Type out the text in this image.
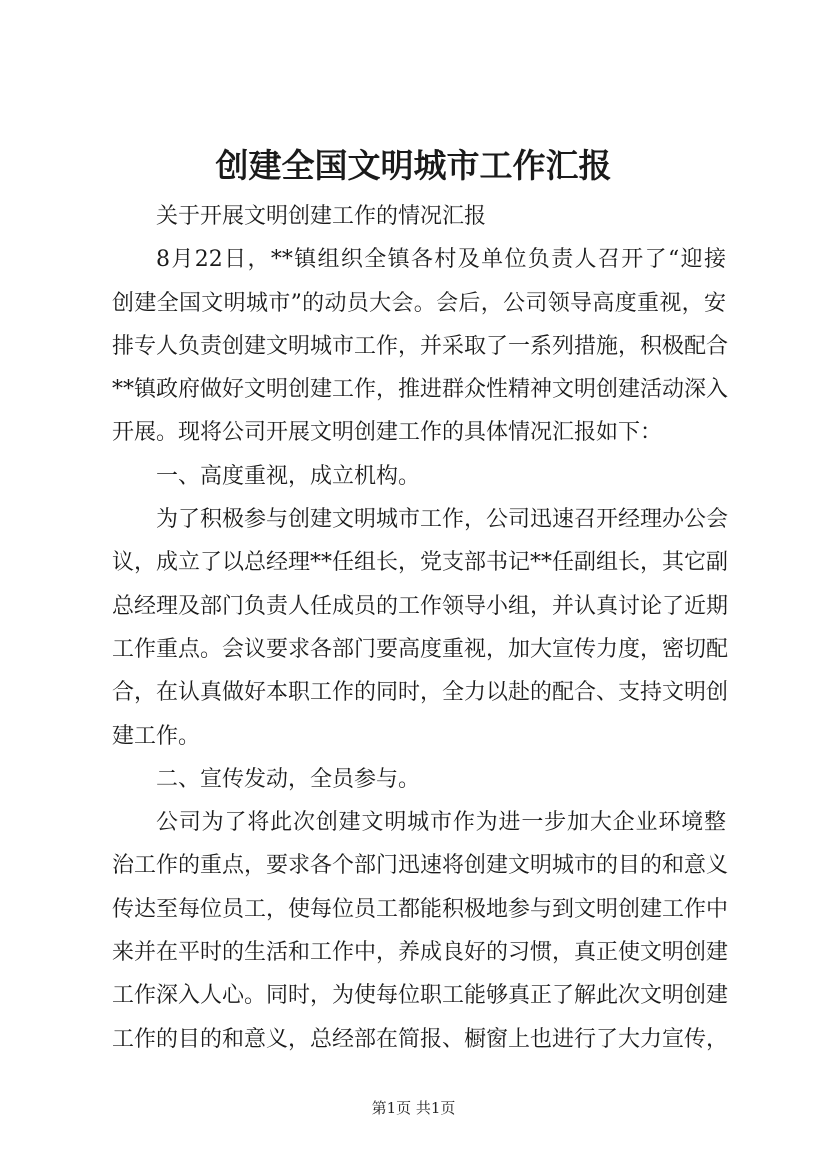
创建全国文明城市工作汇报
关于开展文明创建工作的情况汇报
8月22日，**镇组织全镇各村及单位负责人召开了“迎接
创建全国文明城市”的动员大会。会后，公司领导高度重视，安
排专人负责创建文明城市工作，并采取了一系列措施，积极配合
**镇政府做好文明创建工作，推进群众性精神文明创建活动深入
开展。现将公司开展文明创建工作的具体情况汇报如下：
一、高度重视，成立机构。
为了积极参与创建文明城市工作，公司迅速召开经理办公会
议，成立了以总经理**任组长，党支部书记**任副组长，其它副
总经理及部门负责人任成员的工作领导小组，并认真讨论了近期
工作重点。会议要求各部门要高度重视，加大宣传力度，密切配
合，在认真做好本职工作的同时，全力以赴的配合、支持文明创
建工作。
二、宣传发动，全员参与。
公司为了将此次创建文明城市作为进一步加大企业环境整
治工作的重点，要求各个部门迅速将创建文明城市的目的和意义
传达至每位员工，使每位员工都能积极地参与到文明创建工作中
来并在平时的生活和工作中，养成良好的习惯，真正使文明创建
工作深入人心。同时，为使每位职工能够真正了解此次文明创建
工作的目的和意义，总经部在简报、橱窗上也进行了大力宣传，
第1页 共1页
